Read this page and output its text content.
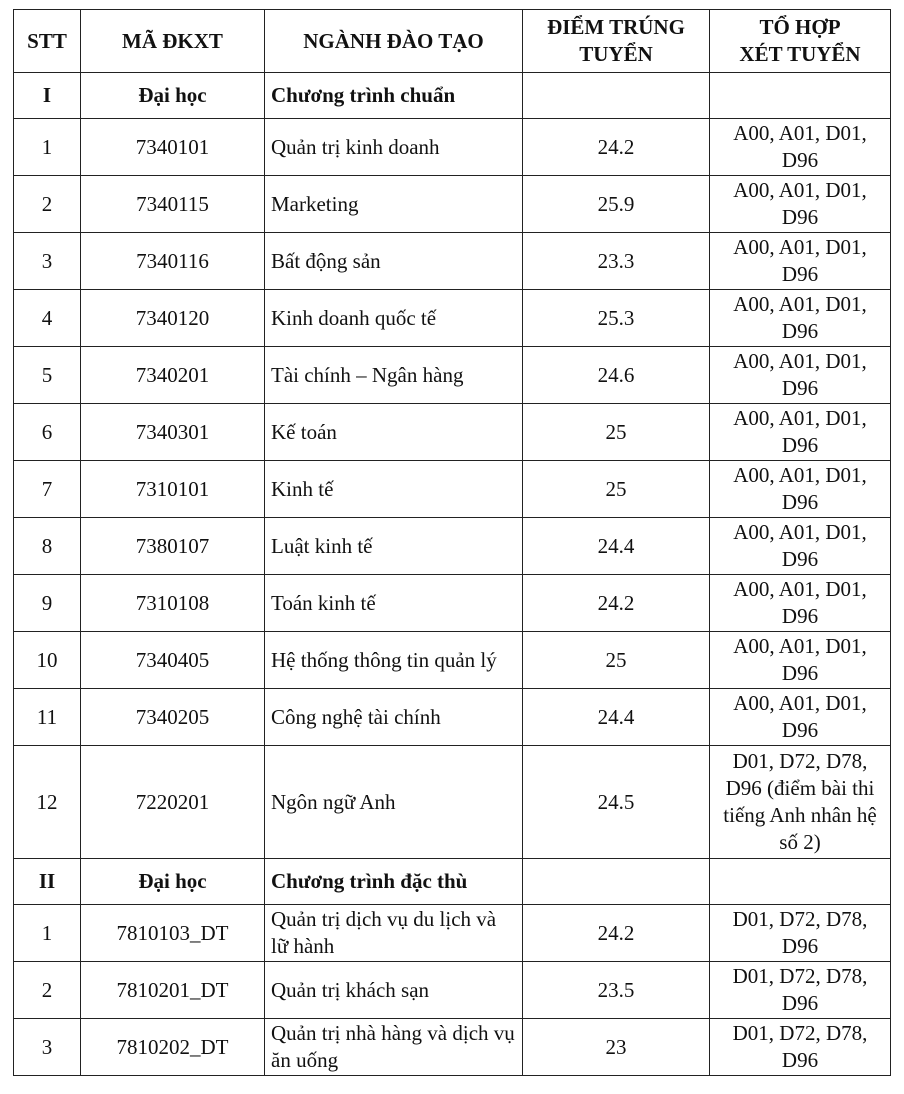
STT	MÃ ĐKXT	NGÀNH ĐÀO TẠO	ĐIỂM TRÚNG TUYỂN	TỔ HỢP XÉT TUYỂN
I	Đại học	Chương trình chuẩn		
1	7340101	Quản trị kinh doanh	24.2	A00, A01, D01, D96
2	7340115	Marketing	25.9	A00, A01, D01, D96
3	7340116	Bất động sản	23.3	A00, A01, D01, D96
4	7340120	Kinh doanh quốc tế	25.3	A00, A01, D01, D96
5	7340201	Tài chính – Ngân hàng	24.6	A00, A01, D01, D96
6	7340301	Kế toán	25	A00, A01, D01, D96
7	7310101	Kinh tế	25	A00, A01, D01, D96
8	7380107	Luật kinh tế	24.4	A00, A01, D01, D96
9	7310108	Toán kinh tế	24.2	A00, A01, D01, D96
10	7340405	Hệ thống thông tin quản lý	25	A00, A01, D01, D96
11	7340205	Công nghệ tài chính	24.4	A00, A01, D01, D96
12	7220201	Ngôn ngữ Anh	24.5	D01, D72, D78, D96 (điểm bài thi tiếng Anh nhân hệ số 2)
II	Đại học	Chương trình đặc thù		
1	7810103_DT	Quản trị dịch vụ du lịch và lữ hành	24.2	D01, D72, D78, D96
2	7810201_DT	Quản trị khách sạn	23.5	D01, D72, D78, D96
3	7810202_DT	Quản trị nhà hàng và dịch vụ ăn uống	23	D01, D72, D78, D96
